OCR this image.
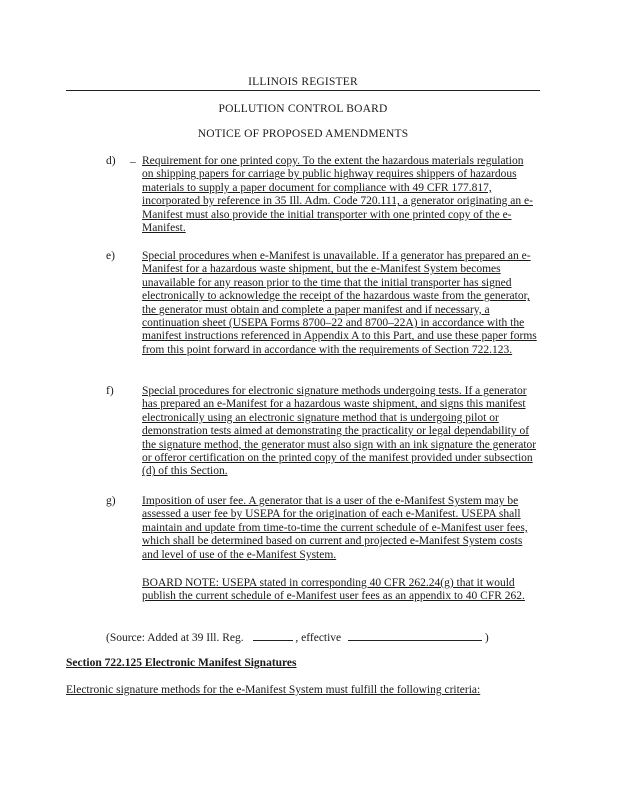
ILLINOIS REGISTER
POLLUTION CONTROL BOARD
NOTICE OF PROPOSED AMENDMENTS
d) _ Requirement for one printed copy. To the extent the hazardous materials regulation on shipping papers for carriage by public highway requires shippers of hazardous materials to supply a paper document for compliance with 49 CFR 177.817, incorporated by reference in 35 Ill. Adm. Code 720.111, a generator originating an e-Manifest must also provide the initial transporter with one printed copy of the e-Manifest.
e) Special procedures when e-Manifest is unavailable. If a generator has prepared an e-Manifest for a hazardous waste shipment, but the e-Manifest System becomes unavailable for any reason prior to the time that the initial transporter has signed electronically to acknowledge the receipt of the hazardous waste from the generator, the generator must obtain and complete a paper manifest and if necessary, a continuation sheet (USEPA Forms 8700–22 and 8700–22A) in accordance with the manifest instructions referenced in Appendix A to this Part, and use these paper forms from this point forward in accordance with the requirements of Section 722.123.
f) Special procedures for electronic signature methods undergoing tests. If a generator has prepared an e-Manifest for a hazardous waste shipment, and signs this manifest electronically using an electronic signature method that is undergoing pilot or demonstration tests aimed at demonstrating the practicality or legal dependability of the signature method, the generator must also sign with an ink signature the generator or offeror certification on the printed copy of the manifest provided under subsection (d) of this Section.
g) Imposition of user fee. A generator that is a user of the e-Manifest System may be assessed a user fee by USEPA for the origination of each e-Manifest. USEPA shall maintain and update from time-to-time the current schedule of e-Manifest user fees, which shall be determined based on current and projected e-Manifest System costs and level of use of the e-Manifest System.
BOARD NOTE: USEPA stated in corresponding 40 CFR 262.24(g) that it would publish the current schedule of e-Manifest user fees as an appendix to 40 CFR 262.
(Source: Added at 39 Ill. Reg.	, effective	)
Section 722.125 Electronic Manifest Signatures
Electronic signature methods for the e-Manifest System must fulfill the following criteria:
